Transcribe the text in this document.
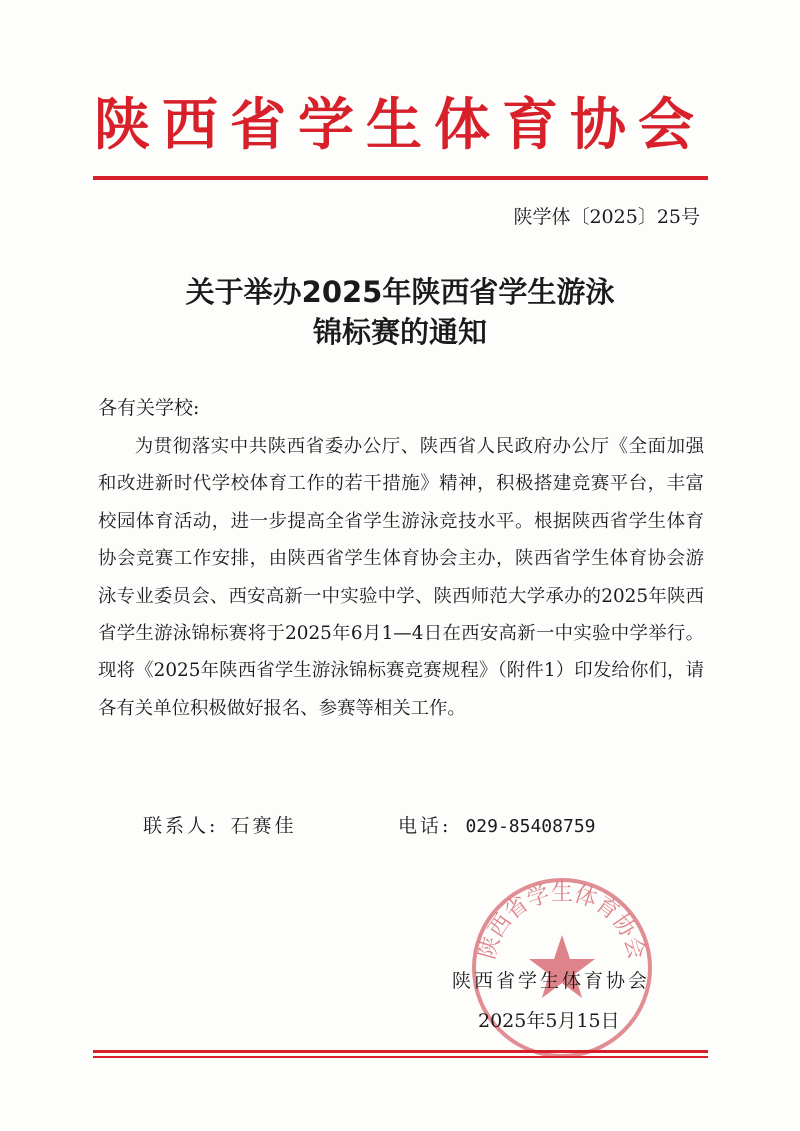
陕西省学生体育协会
陕学体〔2025〕25号
关于举办2025年陕西省学生游泳
锦标赛的通知
各有关学校:

为贯彻落实中共陕西省委办公厅、陕西省人民政府办公厅《全面加强和改进新时代学校体育工作的若干措施》精神，积极搭建竞赛平台，丰富校园体育活动，进一步提高全省学生游泳竞技水平。根据陕西省学生体育协会竞赛工作安排，由陕西省学生体育协会主办，陕西省学生体育协会游泳专业委员会、西安高新一中实验中学、陕西师范大学承办的2025年陕西省学生游泳锦标赛将于2025年6月1—4日在西安高新一中实验中学举行。现将《2025年陕西省学生游泳锦标赛竞赛规程》（附件1）印发给你们，请各有关单位积极做好报名、参赛等相关工作。

联系人: 石赛佳	电话: 029-85408759
陕西省学生体育协会
陕西省学生体育协会
2025年5月15日
